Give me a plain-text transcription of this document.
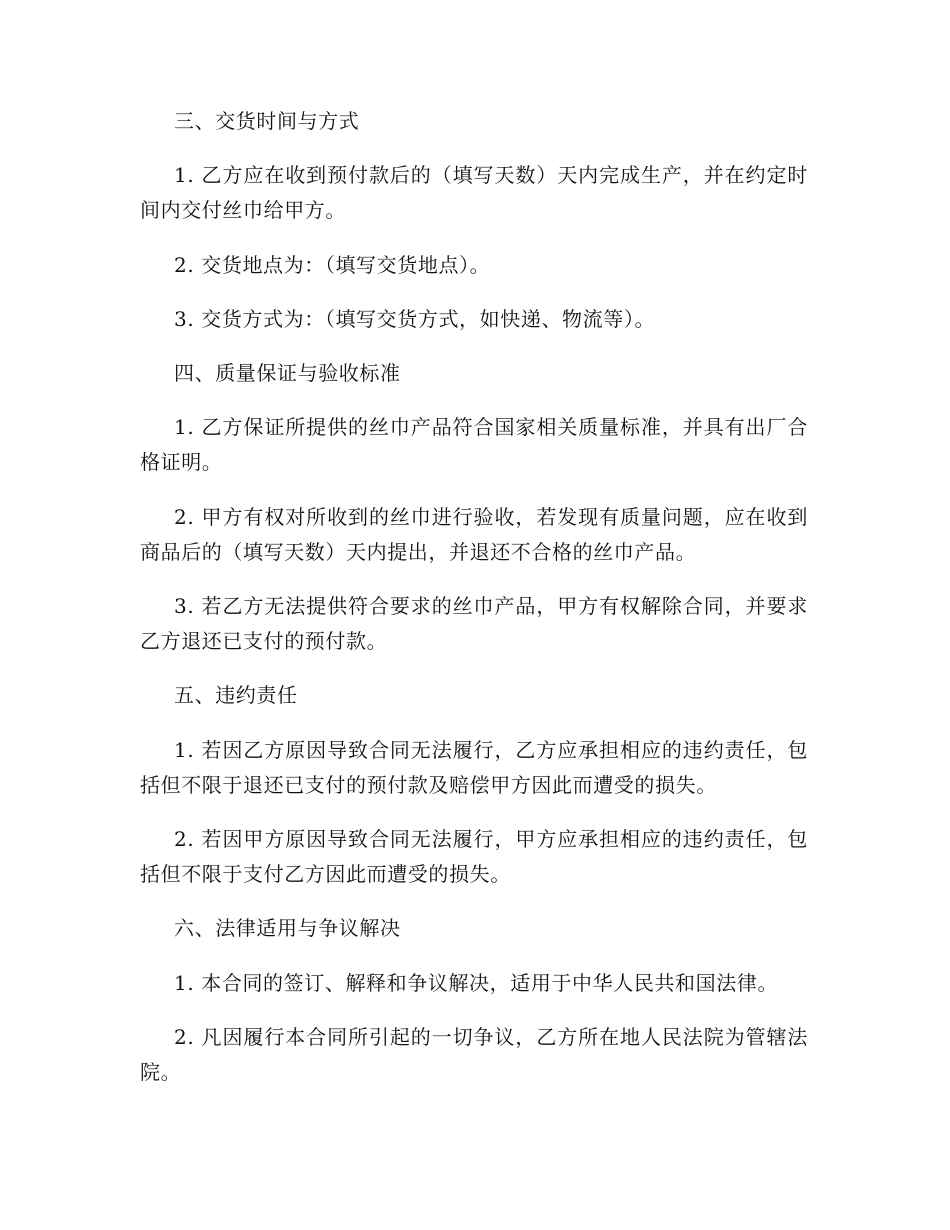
三、交货时间与方式

1. 乙方应在收到预付款后的（填写天数）天内完成生产，并在约定时间内交付丝巾给甲方。

2. 交货地点为：（填写交货地点）。

3. 交货方式为：（填写交货方式，如快递、物流等）。

四、质量保证与验收标准

1. 乙方保证所提供的丝巾产品符合国家相关质量标准，并具有出厂合格证明。

2. 甲方有权对所收到的丝巾进行验收，若发现有质量问题，应在收到商品后的（填写天数）天内提出，并退还不合格的丝巾产品。

3. 若乙方无法提供符合要求的丝巾产品，甲方有权解除合同，并要求乙方退还已支付的预付款。

五、违约责任

1. 若因乙方原因导致合同无法履行，乙方应承担相应的违约责任，包括但不限于退还已支付的预付款及赔偿甲方因此而遭受的损失。

2. 若因甲方原因导致合同无法履行，甲方应承担相应的违约责任，包括但不限于支付乙方因此而遭受的损失。

六、法律适用与争议解决

1. 本合同的签订、解释和争议解决，适用于中华人民共和国法律。

2. 凡因履行本合同所引起的一切争议，乙方所在地人民法院为管辖法院。
